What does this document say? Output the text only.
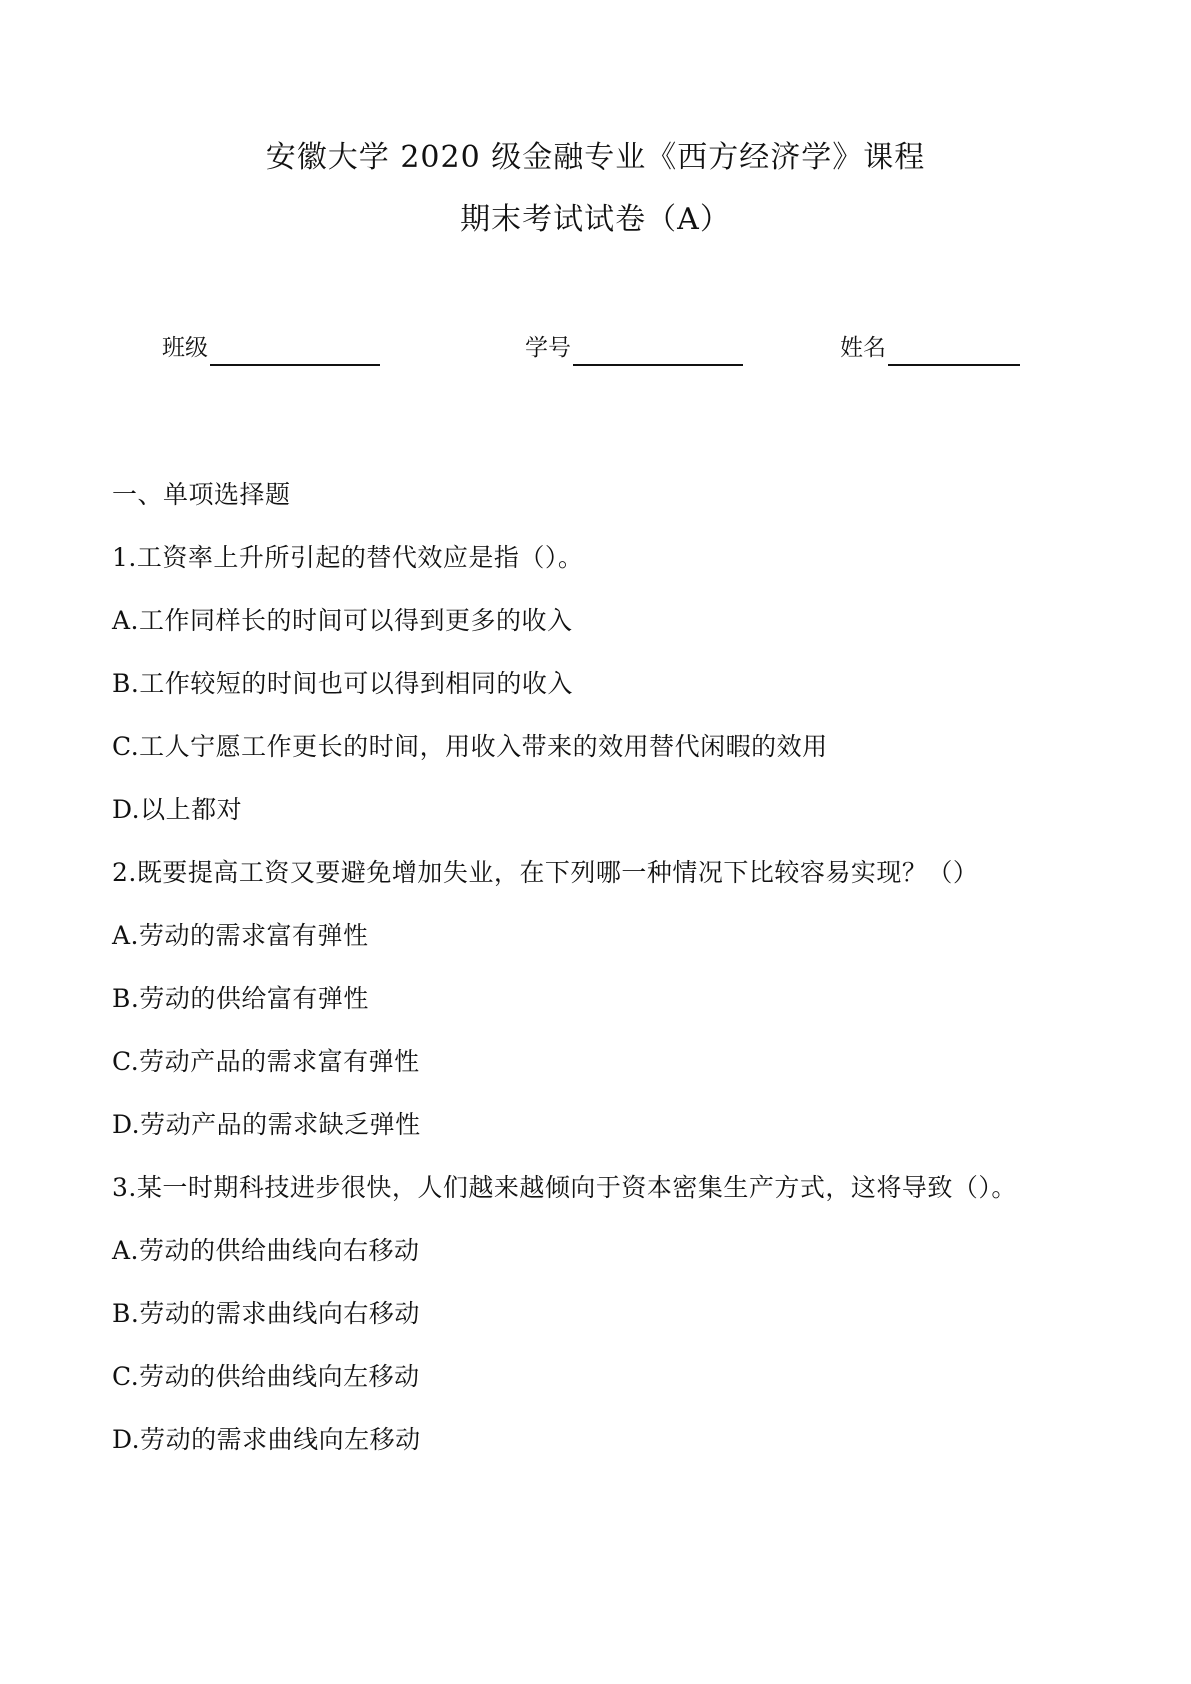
安徽大学 2020 级金融专业《西方经济学》课程
期末考试试卷（A）
班级	学号	姓名
一、单项选择题
1.工资率上升所引起的替代效应是指（）。
A.工作同样长的时间可以得到更多的收入
B.工作较短的时间也可以得到相同的收入
C.工人宁愿工作更长的时间，用收入带来的效用替代闲暇的效用
D.以上都对
2.既要提高工资又要避免增加失业，在下列哪一种情况下比较容易实现？（）
A.劳动的需求富有弹性
B.劳动的供给富有弹性
C.劳动产品的需求富有弹性
D.劳动产品的需求缺乏弹性
3.某一时期科技进步很快，人们越来越倾向于资本密集生产方式，这将导致（）。
A.劳动的供给曲线向右移动
B.劳动的需求曲线向右移动
C.劳动的供给曲线向左移动
D.劳动的需求曲线向左移动
